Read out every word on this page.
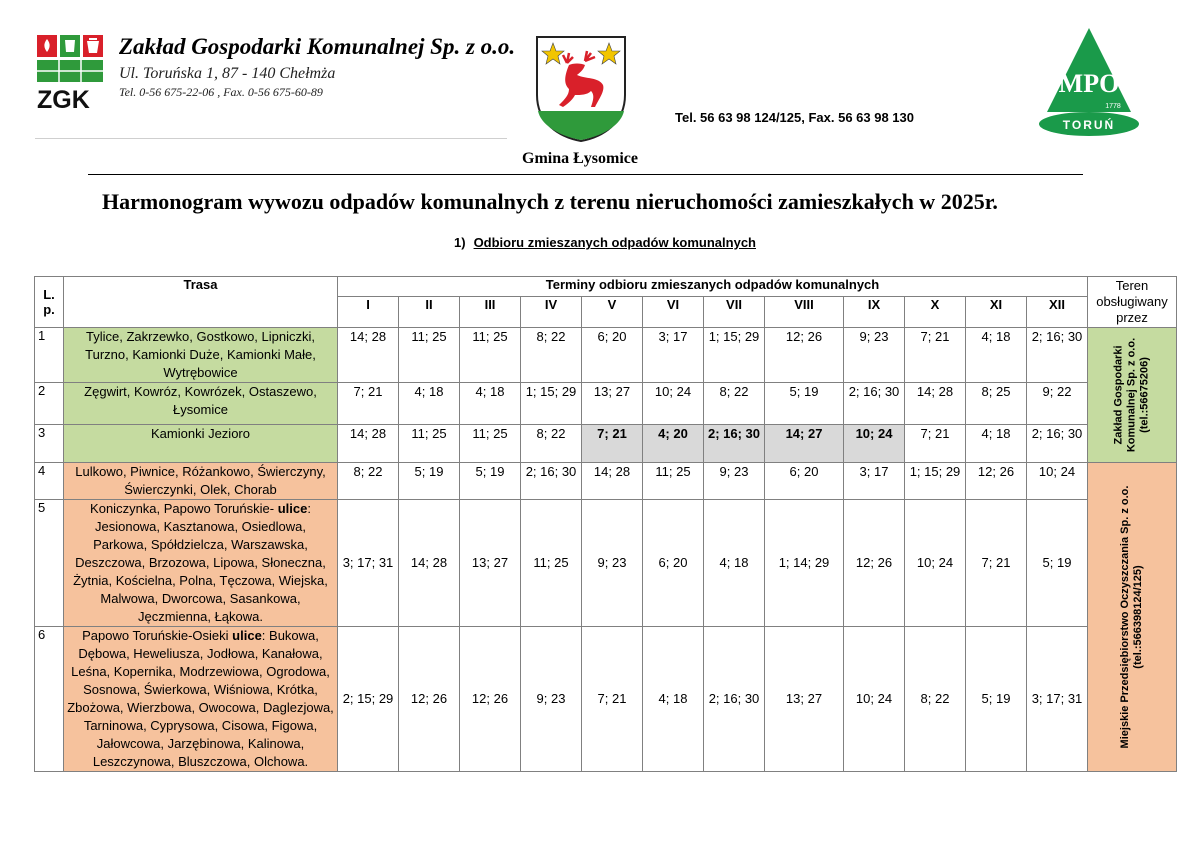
ZGK
Zakład Gospodarki Komunalnej Sp. z o.o.
Ul. Toruńska 1, 87 - 140 Chełmża
Tel. 0-56 675-22-06 , Fax. 0-56 675-60-89
Tel. 56 63 98 124/125, Fax. 56 63 98 130
MPO
1778
TORUŃ
Gmina Łysomice
Harmonogram wywozu odpadów komunalnych z terenu nieruchomości zamieszkałych w 2025r.
1) Odbioru zmieszanych odpadów komunalnych
L. p.	Trasa	Terminy odbioru zmieszanych odpadów komunalnych												Teren obsługiwany przez
		I	II	III	IV	V	VI	VII	VIII	IX	X	XI	XII	
1	Tylice, Zakrzewko, Gostkowo, Lipniczki, Turzno, Kamionki Duże, Kamionki Małe, Wytrębowice	14; 28	11; 25	11; 25	8; 22	6; 20	3; 17	1; 15; 29	12; 26	9; 23	7; 21	4; 18	2; 16; 30	Zakład Gospodarki Komunalnej Sp. z o.o. (tel.:56675206)

2	Zęgwirt, Kowróz, Kowrózek, Ostaszewo, Łysomice	7; 21	4; 18	4; 18	1; 15; 29	13; 27	10; 24	8; 22	5; 19	2; 16; 30	14; 28	8; 25	9; 22	
3	Kamionki Jezioro	14; 28	11; 25	11; 25	8; 22	7; 21	4; 20	2; 16; 30	14; 27	10; 24	7; 21	4; 18	2; 16; 30	
4	Lulkowo, Piwnice, Różankowo, Świerczyny, Świerczynki, Olek, Chorab	8; 22	5; 19	5; 19	2; 16; 30	14; 28	11; 25	9; 23	6; 20	3; 17	1; 15; 29	12; 26	10; 24	Miejskie Przedsiębiorstwo Oczyszczania Sp. z o.o. (tel.:566398124/125)

5	Koniczynka, Papowo Toruńskie- ulice: Jesionowa, Kasztanowa, Osiedlowa, Parkowa, Spółdzielcza, Warszawska, Deszczowa, Brzozowa, Lipowa, Słoneczna, Żytnia, Kościelna, Polna, Tęczowa, Wiejska, Malwowa, Dworcowa, Sasankowa, Jęczmienna, Łąkowa.	3; 17; 31	14; 28	13; 27	11; 25	9; 23	6; 20	4; 18	1; 14; 29	12; 26	10; 24	7; 21	5; 19	
6	Papowo Toruńskie-Osieki ulice: Bukowa, Dębowa, Heweliusza, Jodłowa, Kanałowa, Leśna, Kopernika, Modrzewiowa, Ogrodowa, Sosnowa, Świerkowa, Wiśniowa, Krótka, Zbożowa, Wierzbowa, Owocowa, Daglezjowa, Tarninowa, Cyprysowa, Cisowa, Figowa, Jałowcowa, Jarzębinowa, Kalinowa, Leszczynowa, Bluszczowa, Olchowa.	2; 15; 29	12; 26	12; 26	9; 23	7; 21	4; 18	2; 16; 30	13; 27	10; 24	8; 22	5; 19	3; 17; 31	
